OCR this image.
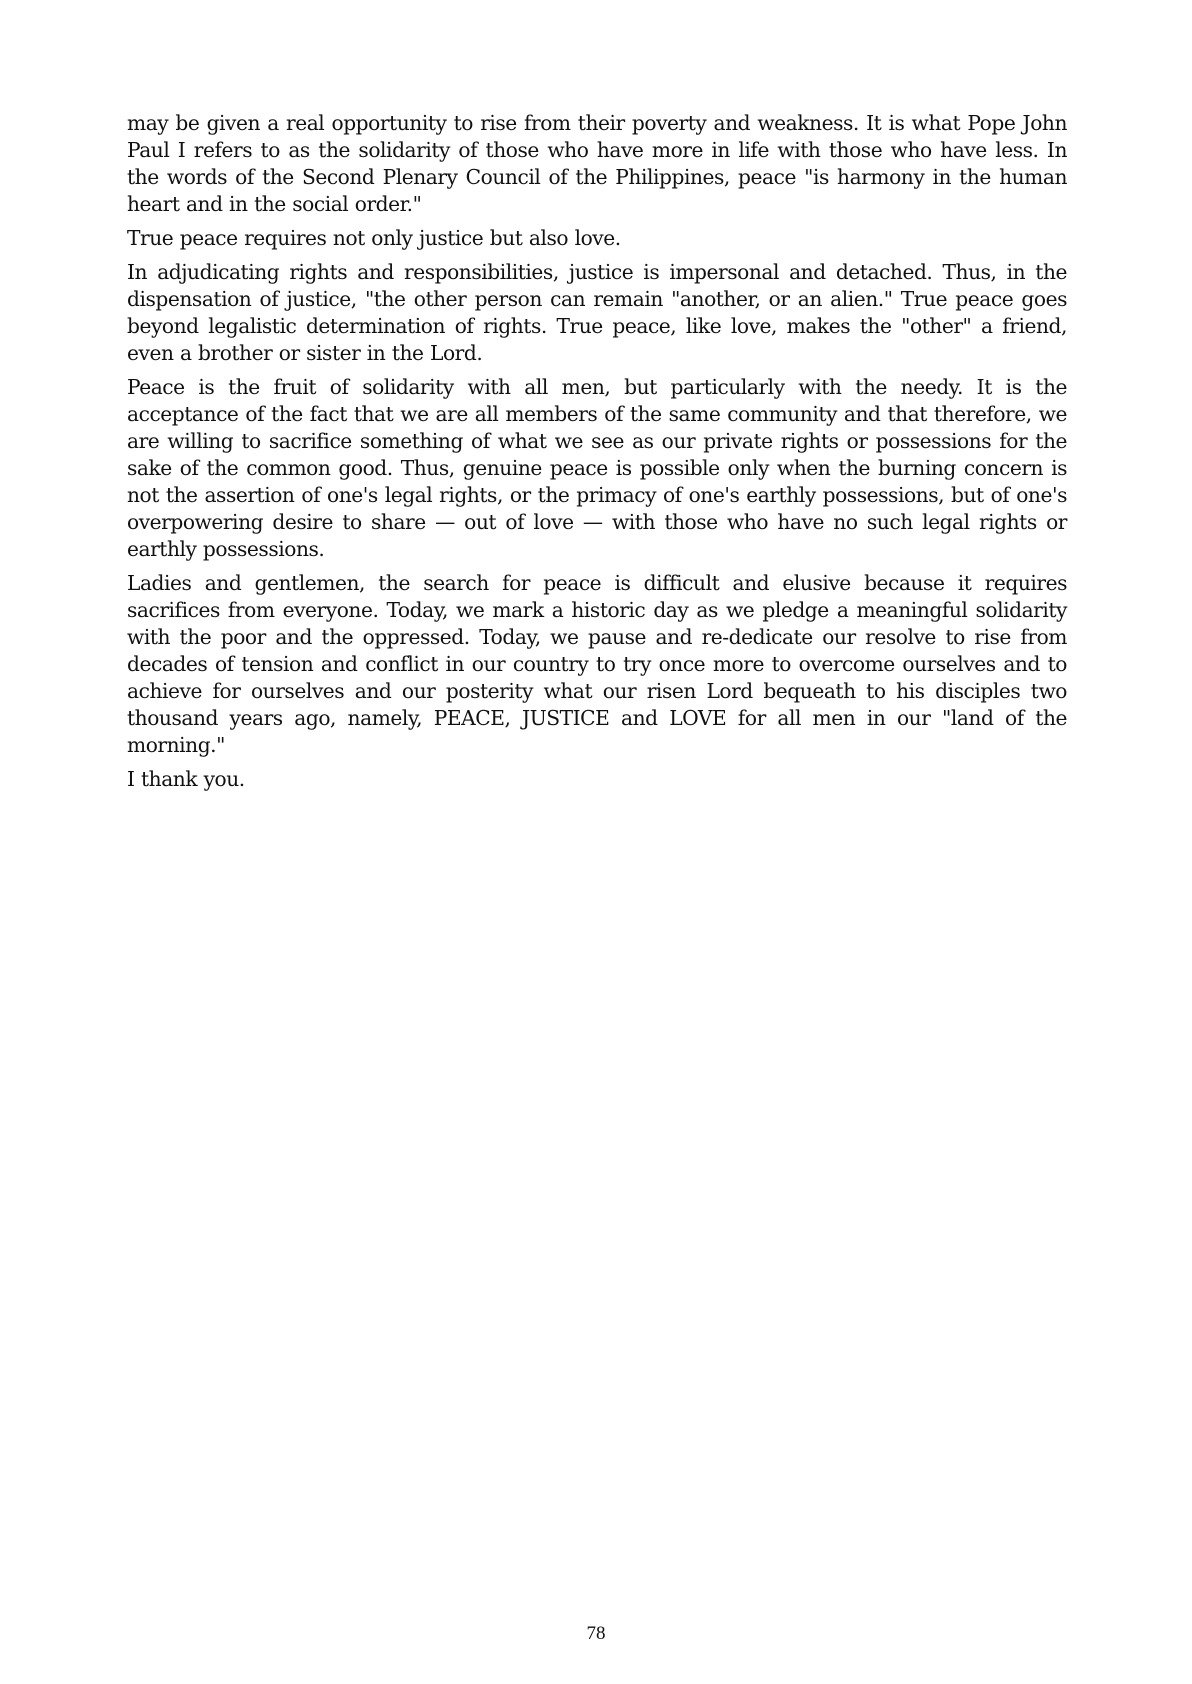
may be given a real opportunity to rise from their poverty and weakness. It is what Pope John Paul I refers to as the solidarity of those who have more in life with those who have less. In the words of the Second Plenary Council of the Philippines, peace "is harmony in the human heart and in the social order."

True peace requires not only justice but also love.

In adjudicating rights and responsibilities, justice is impersonal and detached. Thus, in the dispensation of justice, "the other person can remain "another, or an alien." True peace goes beyond legalistic determination of rights. True peace, like love, makes the "other" a friend, even a brother or sister in the Lord.

Peace is the fruit of solidarity with all men, but particularly with the needy. It is the acceptance of the fact that we are all members of the same community and that therefore, we are willing to sacrifice something of what we see as our private rights or possessions for the sake of the common good. Thus, genuine peace is possible only when the burning concern is not the assertion of one's legal rights, or the primacy of one's earthly possessions, but of one's overpowering desire to share — out of love — with those who have no such legal rights or earthly possessions.

Ladies and gentlemen, the search for peace is difficult and elusive because it requires sacrifices from everyone. Today, we mark a historic day as we pledge a meaningful solidarity with the poor and the oppressed. Today, we pause and re-dedicate our resolve to rise from decades of tension and conflict in our country to try once more to overcome ourselves and to achieve for ourselves and our posterity what our risen Lord bequeath to his disciples two thousand years ago, namely, PEACE, JUSTICE and LOVE for all men in our "land of the morning."

I thank you.

78
